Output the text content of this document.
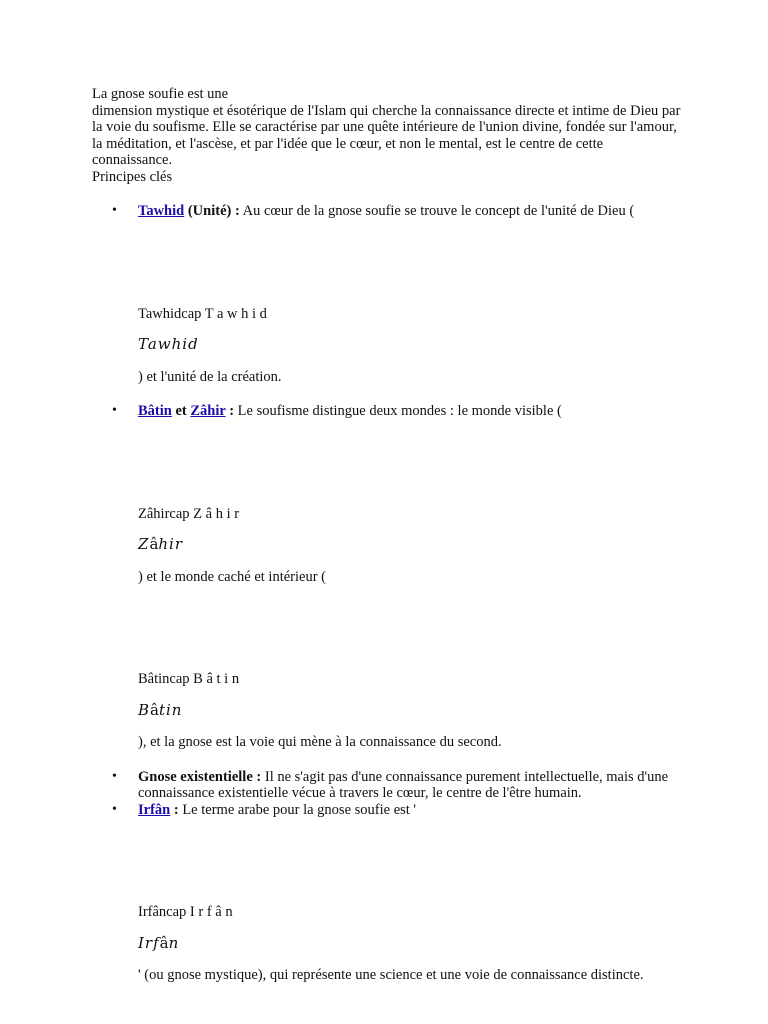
La gnose soufie est une

dimension mystique et ésotérique de l'Islam qui cherche la connaissance directe et intime de Dieu par la voie du soufisme. Elle se caractérise par une quête intérieure de l'union divine, fondée sur l'amour, la méditation, et l'ascèse, et par l'idée que le cœur, et non le mental, est le centre de cette connaissance.

Principes clés

• Tawhid (Unité) : Au cœur de la gnose soufie se trouve le concept de l'unité de Dieu (

Tawhidcap T a w h i d

Tawhid

) et l'unité de la création.

• Bâtin et Zâhir : Le soufisme distingue deux mondes : le monde visible (

Zâhircap Z â h i r

Zâhir

) et le monde caché et intérieur (

Bâtincap B â t i n

Bâtin

), et la gnose est la voie qui mène à la connaissance du second.

• Gnose existentielle : Il ne s'agit pas d'une connaissance purement intellectuelle, mais d'une connaissance existentielle vécue à travers le cœur, le centre de l'être humain.

• Irfân : Le terme arabe pour la gnose soufie est '

Irfâncap I r f â n

Irfân

' (ou gnose mystique), qui représente une science et une voie de connaissance distincte.
